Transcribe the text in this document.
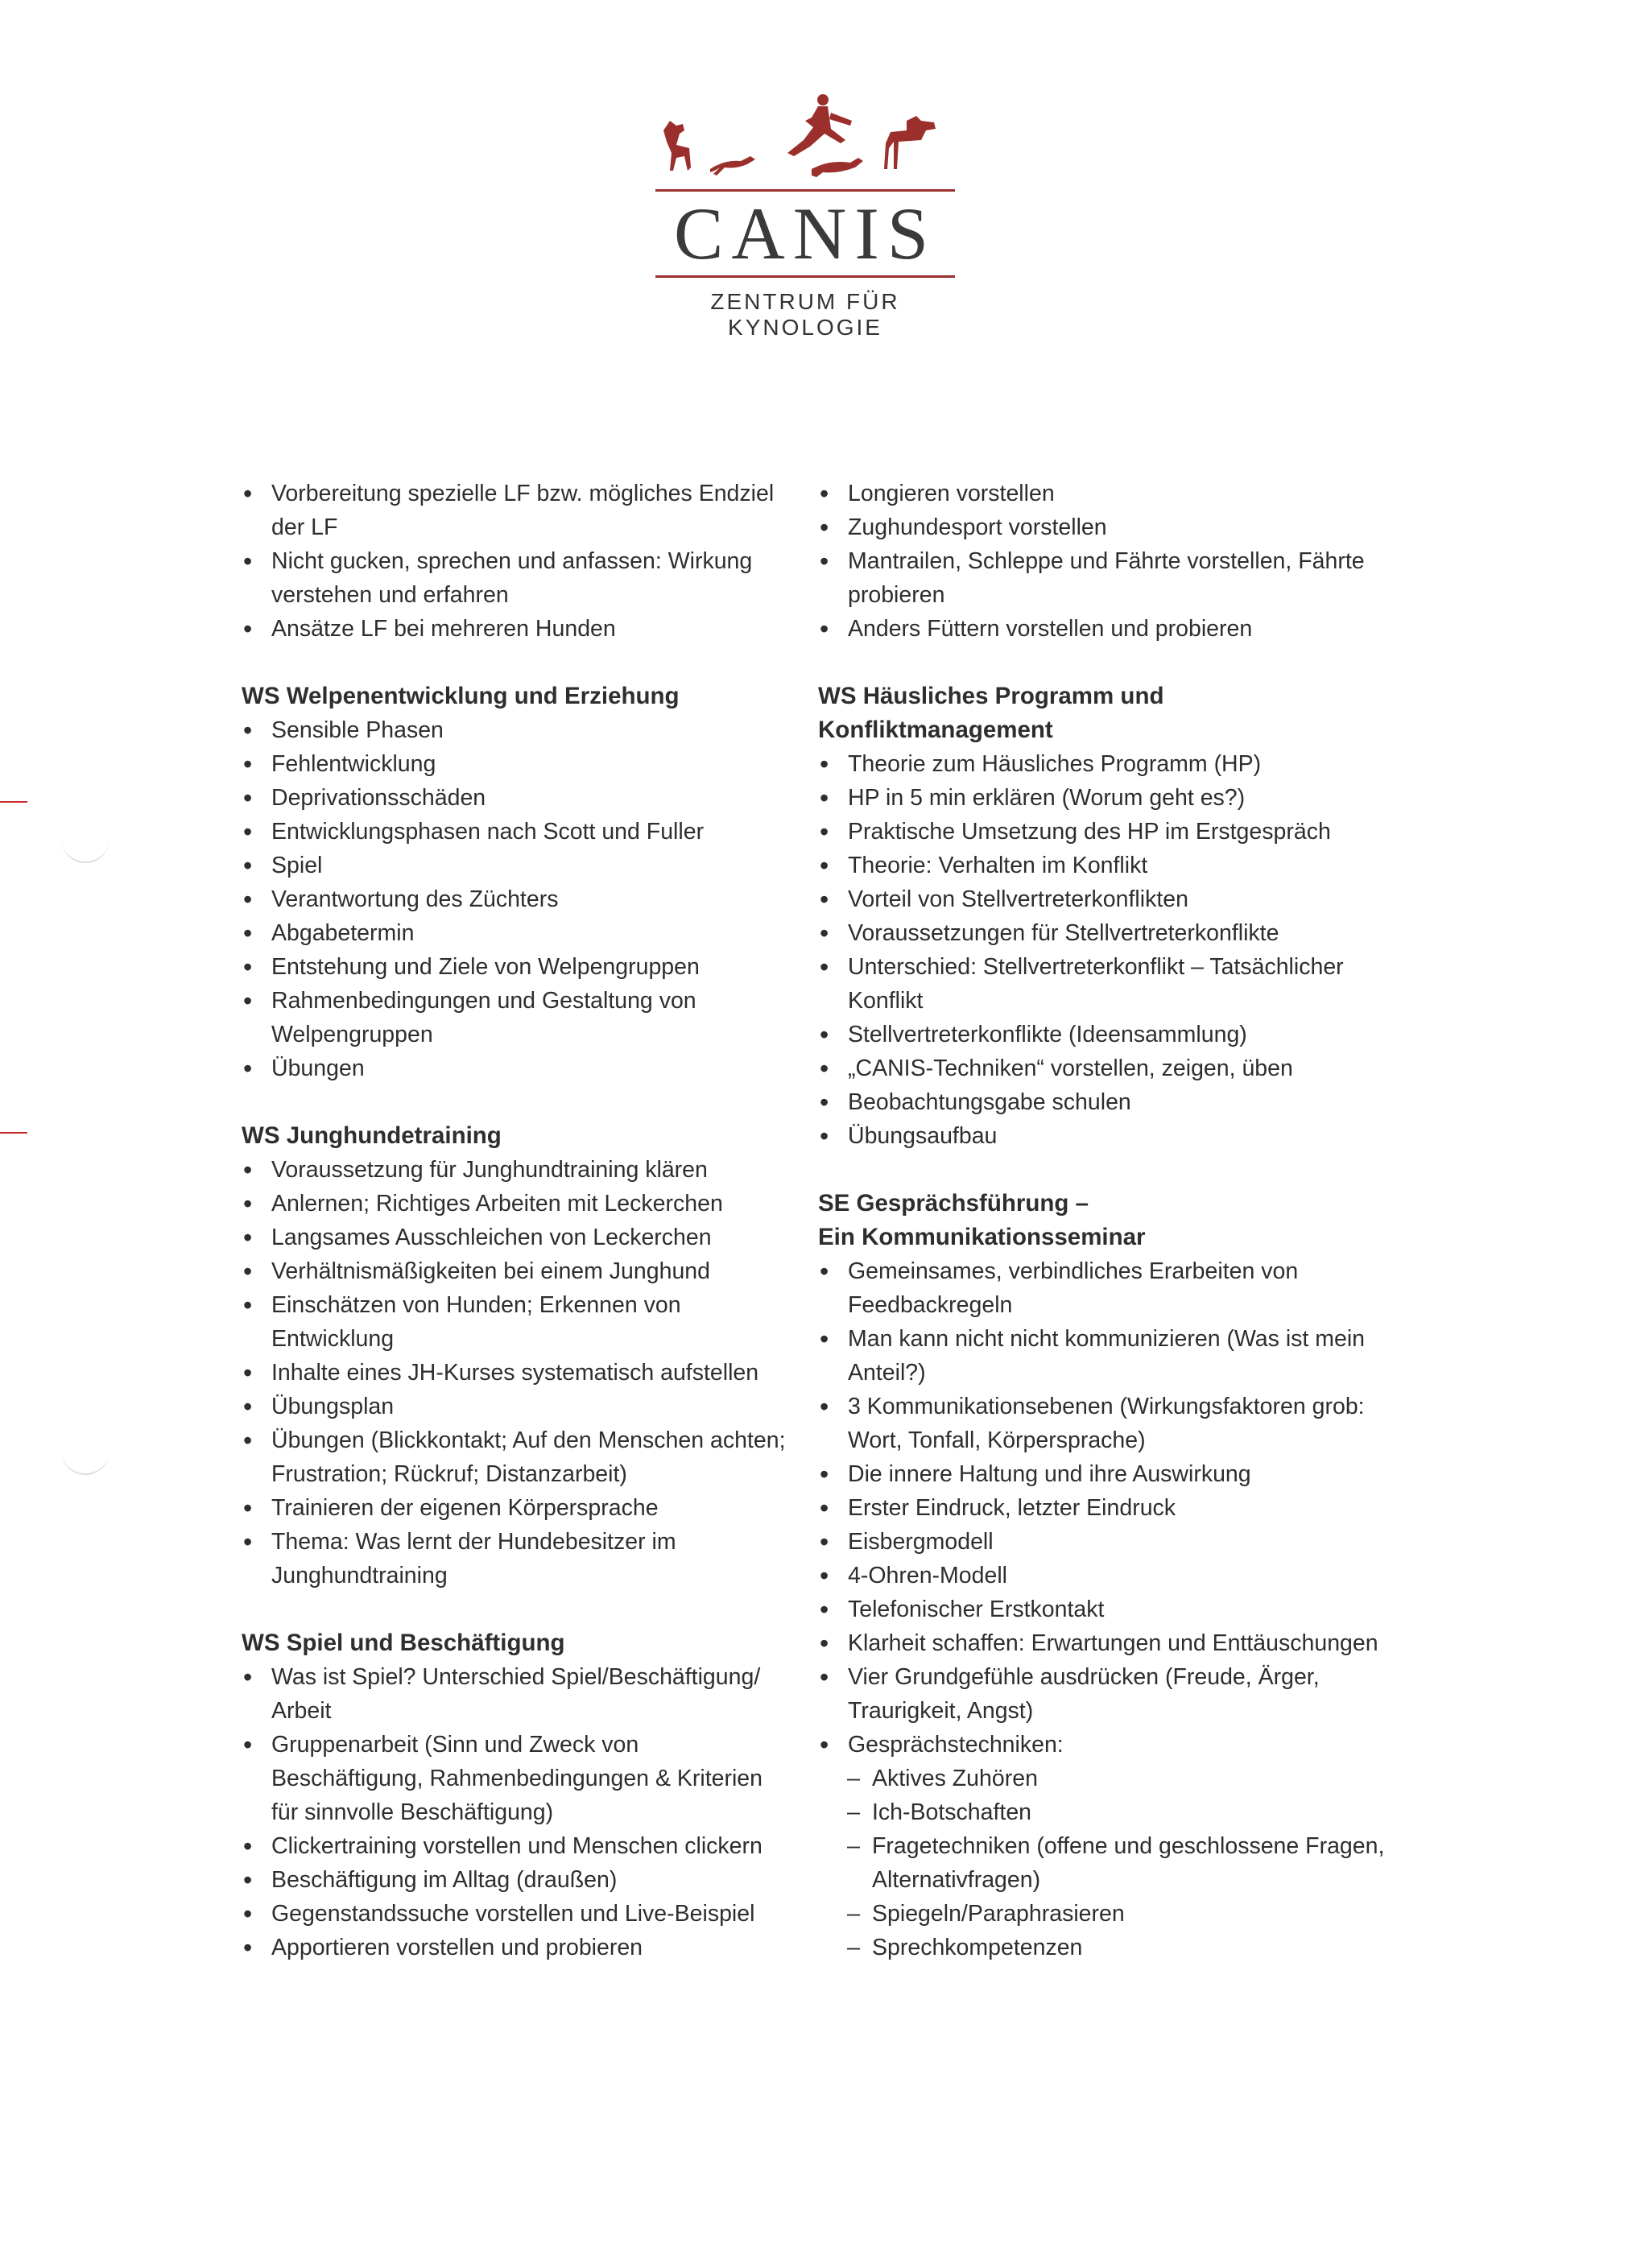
CANIS
ZENTRUM FÜR KYNOLOGIE
• Vorbereitung spezielle LF bzw. mögliches Endziel der LF
• Nicht gucken, sprechen und anfassen: Wirkung verstehen und erfahren
• Ansätze LF bei mehreren Hunden
WS Welpenentwicklung und Erziehung
• Sensible Phasen
• Fehlentwicklung
• Deprivationsschäden
• Entwicklungsphasen nach Scott und Fuller
• Spiel
• Verantwortung des Züchters
• Abgabetermin
• Entstehung und Ziele von Welpengruppen
• Rahmenbedingungen und Gestaltung von Welpengruppen
• Übungen
WS Junghundetraining
• Voraussetzung für Junghundtraining klären
• Anlernen; Richtiges Arbeiten mit Leckerchen
• Langsames Ausschleichen von Leckerchen
• Verhältnismäßigkeiten bei einem Junghund
• Einschätzen von Hunden; Erkennen von Entwicklung
• Inhalte eines JH-Kurses systematisch aufstellen
• Übungsplan
• Übungen (Blickkontakt; Auf den Menschen achten; Frustration; Rückruf; Distanzarbeit)
• Trainieren der eigenen Körpersprache
• Thema: Was lernt der Hundebesitzer im Junghundtraining
WS Spiel und Beschäftigung
• Was ist Spiel? Unterschied Spiel/Beschäftigung/ Arbeit
• Gruppenarbeit (Sinn und Zweck von Beschäftigung, Rahmenbedingungen & Kriterien für sinnvolle Beschäftigung)
• Clickertraining vorstellen und Menschen clickern
• Beschäftigung im Alltag (draußen)
• Gegenstandssuche vorstellen und Live-Beispiel
• Apportieren vorstellen und probieren
• Longieren vorstellen
• Zughundesport vorstellen
• Mantrailen, Schleppe und Fährte vorstellen, Fährte probieren
• Anders Füttern vorstellen und probieren
WS Häusliches Programm und
Konfliktmanagement
• Theorie zum Häusliches Programm (HP)
• HP in 5 min erklären (Worum geht es?)
• Praktische Umsetzung des HP im Erstgespräch
• Theorie: Verhalten im Konflikt
• Vorteil von Stellvertreterkonflikten
• Voraussetzungen für Stellvertreterkonflikte
• Unterschied: Stellvertreterkonflikt – Tatsächlicher Konflikt
• Stellvertreterkonflikte (Ideensammlung)
• „CANIS-Techniken“ vorstellen, zeigen, üben
• Beobachtungsgabe schulen
• Übungsaufbau
SE Gesprächsführung –
Ein Kommunikationsseminar
• Gemeinsames, verbindliches Erarbeiten von Feedbackregeln
• Man kann nicht nicht kommunizieren (Was ist mein Anteil?)
• 3 Kommunikationsebenen (Wirkungsfaktoren grob: Wort, Tonfall, Körpersprache)
• Die innere Haltung und ihre Auswirkung
• Erster Eindruck, letzter Eindruck
• Eisbergmodell
• 4-Ohren-Modell
• Telefonischer Erstkontakt
• Klarheit schaffen: Erwartungen und Enttäuschungen
• Vier Grundgefühle ausdrücken (Freude, Ärger, Traurigkeit, Angst)
• Gesprächstechniken:
– Aktives Zuhören
– Ich-Botschaften
– Fragetechniken (offene und geschlossene Fragen, Alternativfragen)
– Spiegeln/Paraphrasieren
– Sprechkompetenzen
